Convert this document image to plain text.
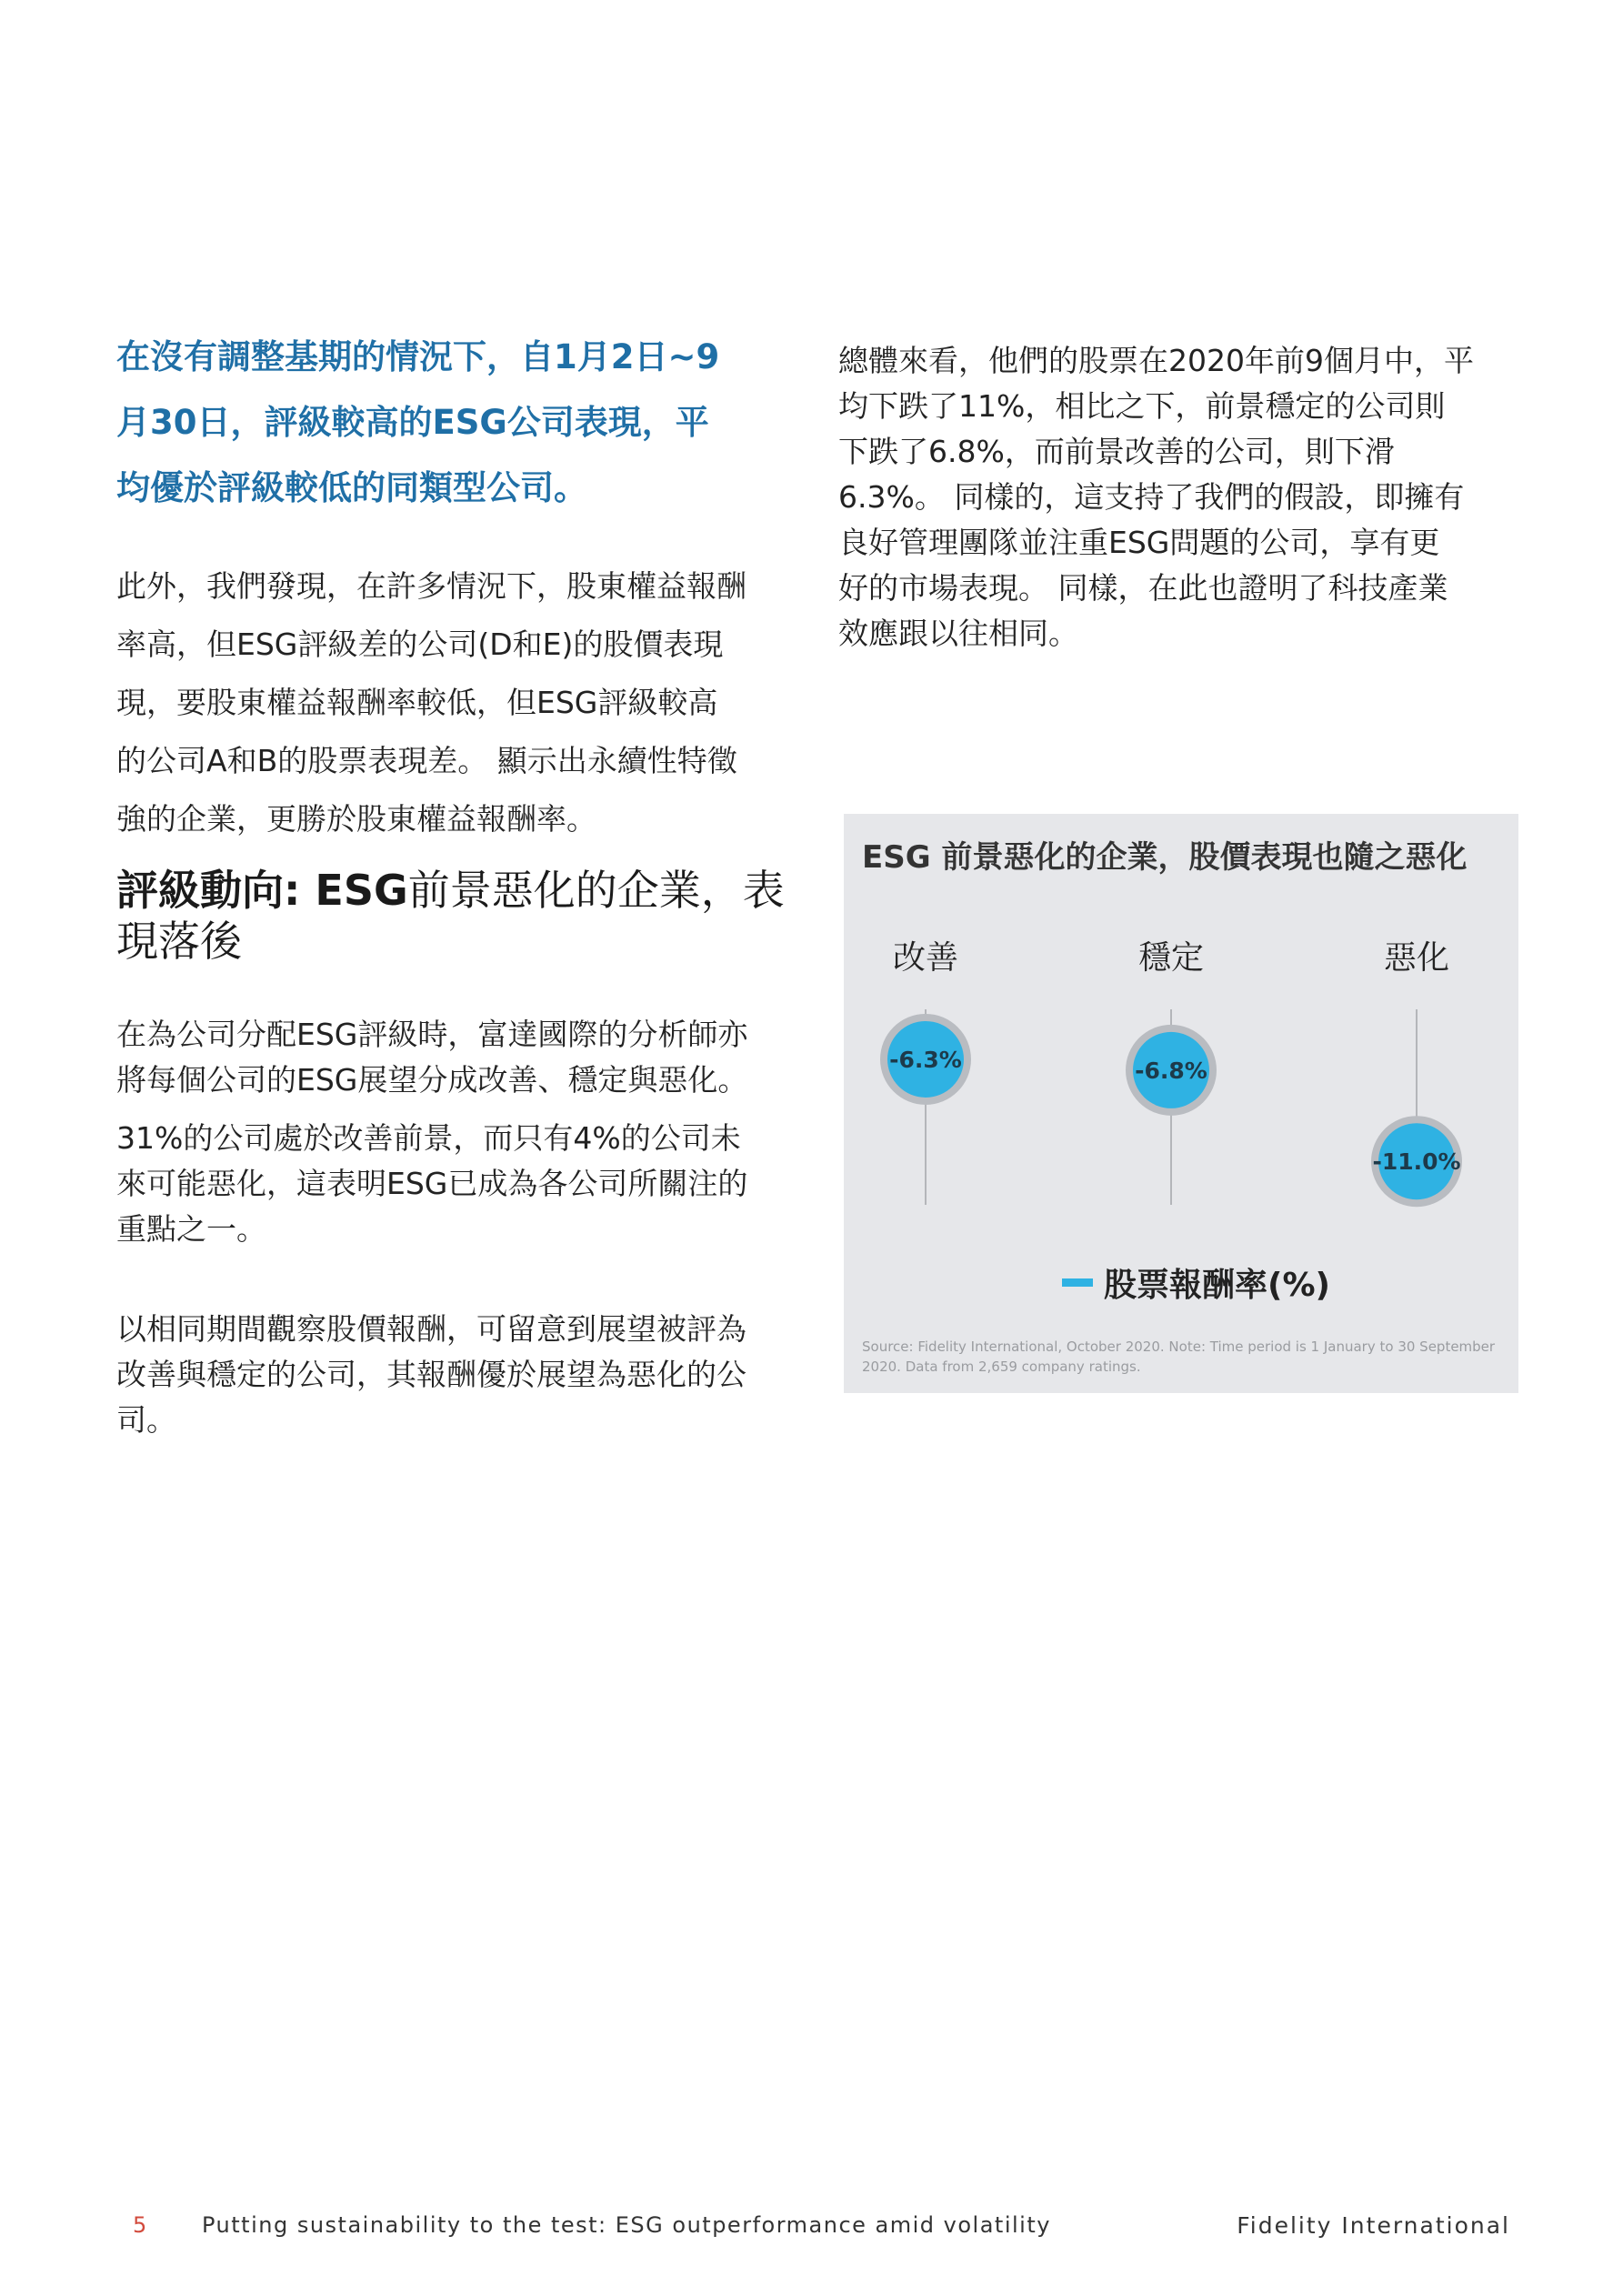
在沒有調整基期的情況下，自1月2日~9

月30日，評級較高的ESG公司表現，平

均優於評級較低的同類型公司。

此外，我們發現，在許多情況下，股東權益報酬

率高，但ESG評級差的公司(D和E)的股價表現

現，要股東權益報酬率較低，但ESG評級較高

的公司A和B的股票表現差。 顯示出永續性特徵

強的企業，更勝於股東權益報酬率。

評級動向: ESG前景惡化的企業，表

現落後

在為公司分配ESG評級時，富達國際的分析師亦

將每個公司的ESG展望分成改善、穩定與惡化。

31%的公司處於改善前景，而只有4%的公司未

來可能惡化，這表明ESG已成為各公司所關注的

重點之一。

以相同期間觀察股價報酬，可留意到展望被評為

改善與穩定的公司，其報酬優於展望為惡化的公

司。

總體來看，他們的股票在2020年前9個月中，平

均下跌了11%，相比之下，前景穩定的公司則

下跌了6.8%，而前景改善的公司，則下滑

6.3%。 同樣的，這支持了我們的假設，即擁有

良好管理團隊並注重ESG問題的公司，享有更

好的市場表現。 同樣，在此也證明了科技產業

效應跟以往相同。

ESG 前景惡化的企業，股價表現也隨之惡化
改善
-6.3%
穩定
-6.8%
惡化
-11.0%
股票報酬率(%)
Source: Fidelity International, October 2020. Note: Time period is 1 January to 30 September 2020. Data from 2,659 company ratings.
5	Putting sustainability to the test: ESG outperformance amid volatility	Fidelity International
